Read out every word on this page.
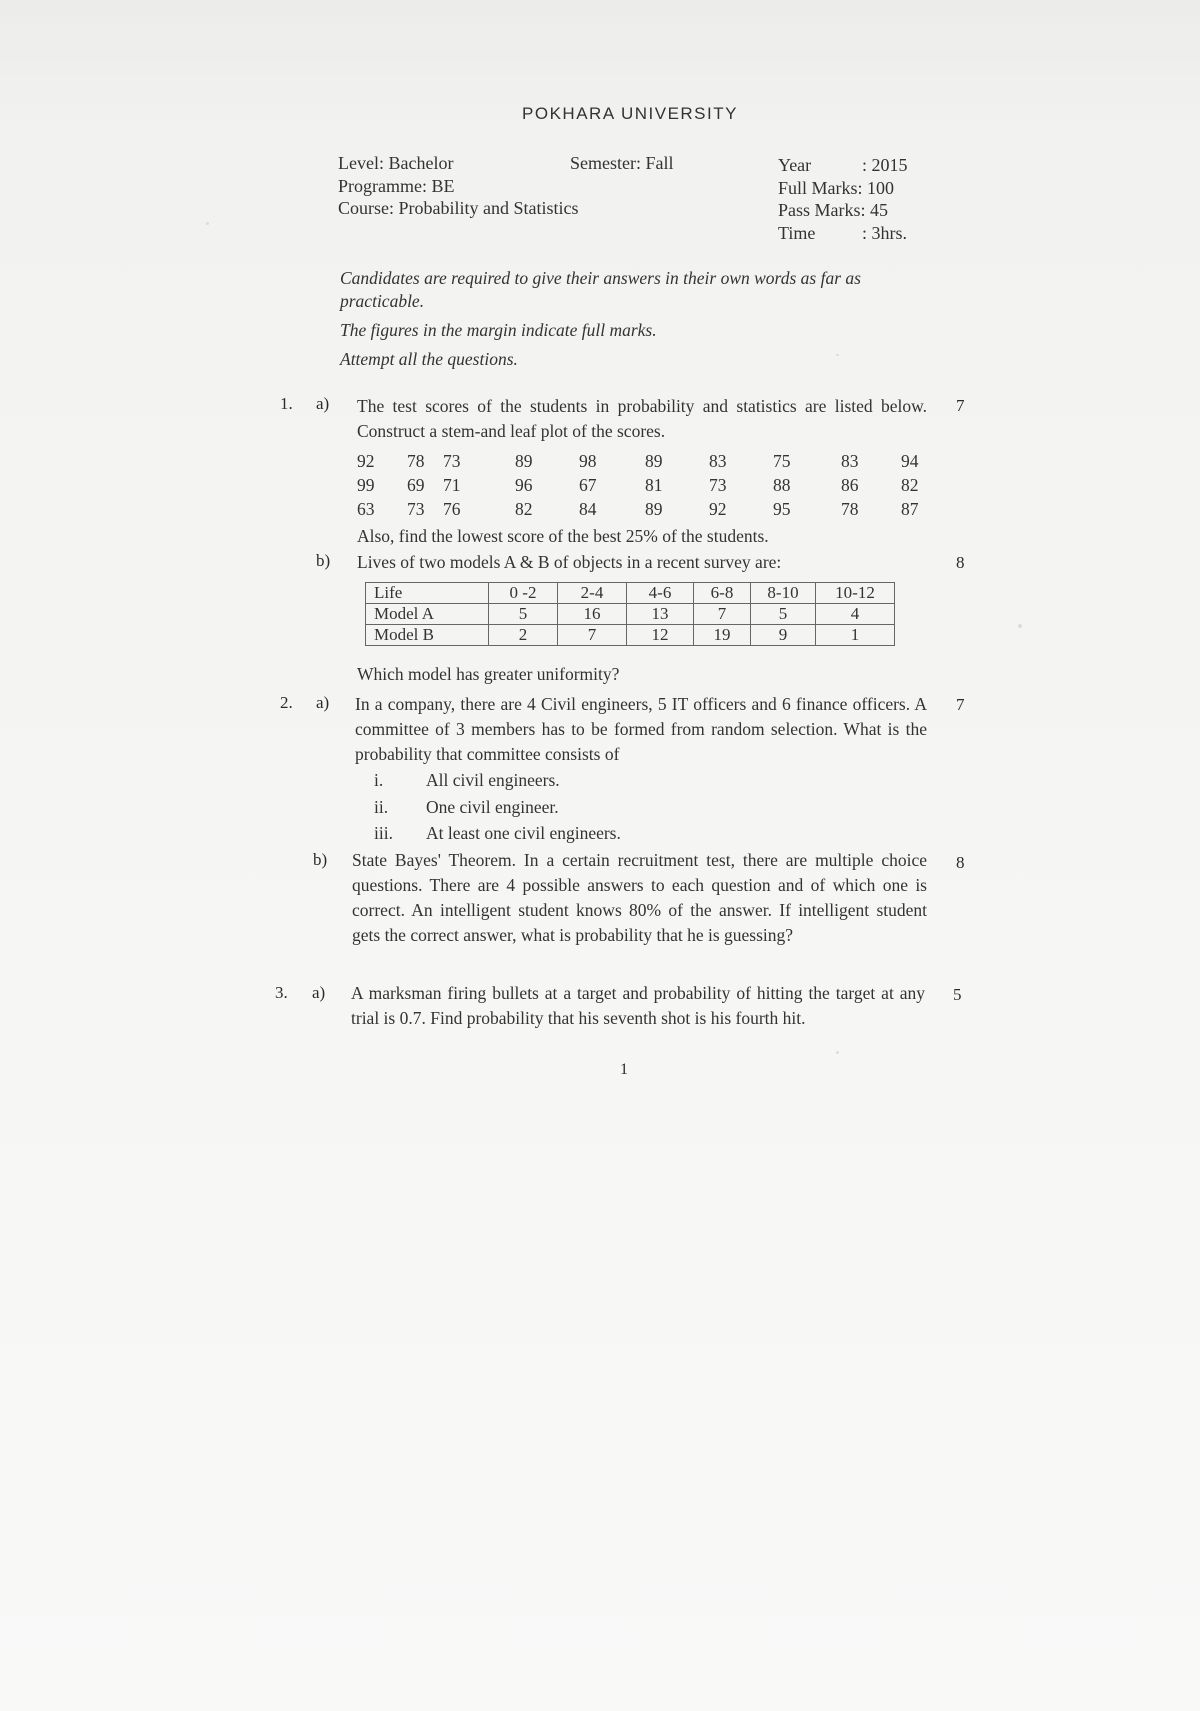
POKHARA UNIVERSITY
Level: Bachelor
Programme: BE
Course: Probability and Statistics
Semester: Fall	Year	: 2015
Full Marks: 100
Pass Marks: 45
Time	: 3hrs.

Candidates are required to give their answers in their own words as far as practicable.

The figures in the margin indicate full marks.

Attempt all the questions.

1. a) The test scores of the students in probability and statistics are listed below. Construct a stem-and leaf plot of the scores.
7
92	78	73	89	98	89	83	75	83	94
99	69	71	96	67	81	73	88	86	82
63	73	76	82	84	89	92	95	78	87
Also, find the lowest score of the best 25% of the students.
b) Lives of two models A & B of objects in a recent survey are:	8
Life	0 -2	2-4	4-6	6-8	8-10	10-12
Model A	5	16	13	7	5	4
Model B	2	7	12	19	9	1
Which model has greater uniformity?
2. a) In a company, there are 4 Civil engineers, 5 IT officers and 6 finance officers. A committee of 3 members has to be formed from random selection. What is the probability that committee consists of
7
i.	All civil engineers.
ii.	One civil engineer.
iii.	At least one civil engineers.
b) State Bayes' Theorem. In a certain recruitment test, there are multiple choice questions. There are 4 possible answers to each question and of which one is correct. An intelligent student knows 80% of the answer. If intelligent student gets the correct answer, what is probability that he is guessing?
8
3. a) A marksman firing bullets at a target and probability of hitting the target at any trial is 0.7. Find probability that his seventh shot is his fourth hit.
5
1
